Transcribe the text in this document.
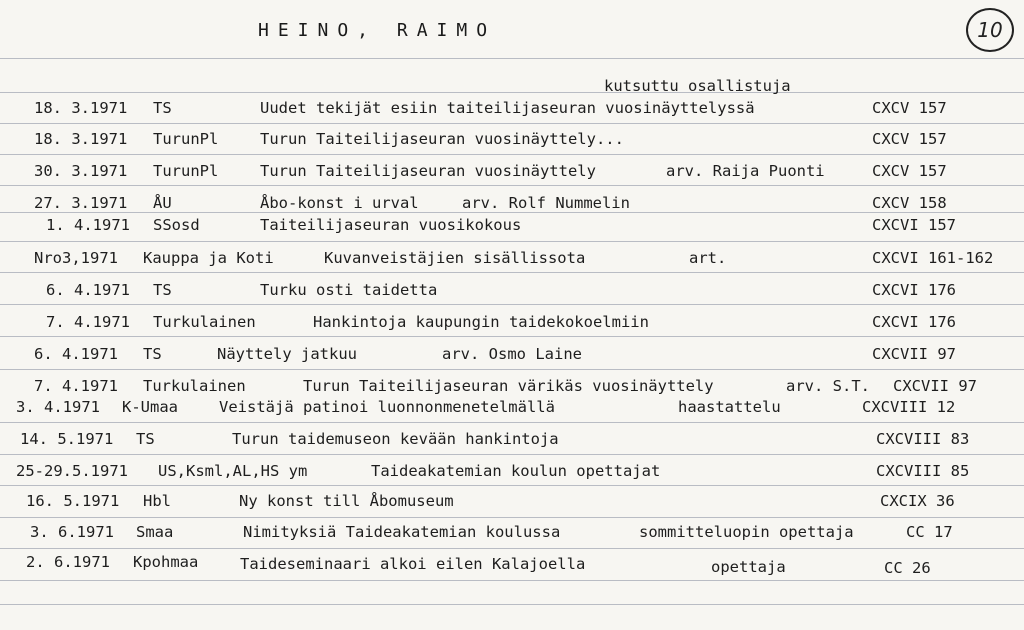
HEINO, RAIMO	10
kutsuttu osallistuja
18. 3.1971 TS	Uudet tekijät esiin taiteilijaseuran vuosinäyttelyssä	CXCV 157
18. 3.1971 TurunPl	Turun Taiteilijaseuran vuosinäyttely...	CXCV 157
30. 3.1971 TurunPl	Turun Taiteilijaseuran vuosinäyttely	arv. Raija Puonti	CXCV 157
27. 3.1971 ÅU	Åbo-konst i urval	arv. Rolf Nummelin	CXCV 158
1. 4.1971 SSosd	Taiteilijaseuran vuosikokous	CXCVI 157
Nro3,1971 Kauppa ja Koti	Kuvanveistäjien sisällissota	art.	CXCVI 161-162
6. 4.1971 TS	Turku osti taidetta	CXCVI 176
7. 4.1971 Turkulainen	Hankintoja kaupungin taidekokoelmiin	CXCVI 176
6. 4.1971 TS	Näyttely jatkuu	arv. Osmo Laine	CXCVII 97
7. 4.1971 Turkulainen	Turun Taiteilijaseuran värikäs vuosinäyttely	arv. S.T. CXCVII 97
3. 4.1971 K-Umaa	Veistäjä patinoi luonnonmenetelmällä	haastattelu	CXCVIII 12
14. 5.1971 TS	Turun taidemuseon kevään hankintoja	CXCVIII 83
25-29.5.1971 US,Ksml,AL,HS ym	Taideakatemian koulun opettajat	CXCVIII 85
16. 5.1971 Hbl	Ny konst till Åbomuseum	CXCIX 36
3. 6.1971 Smaa	Nimityksiä Taideakatemian koulussa	sommitteluopin opettaja	CC 17
2. 6.1971 Kpohmaa	Taideseminaari alkoi eilen Kalajoella	opettaja	CC 26
